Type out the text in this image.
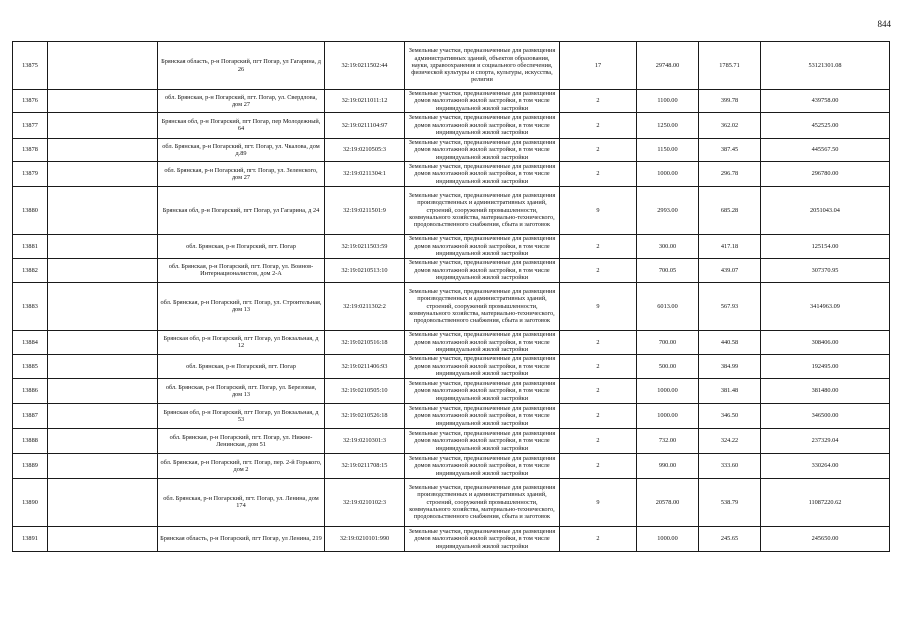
844
13875		Брянская область, р-н Погарский, пгт Погар, ул Гагарина, д 26	32:19:0211502:44	Земельные участки, предназначенные для размещения административных зданий, объектов образования, науки, здравоохранения и социального обеспечения, физической культуры и спорта, культуры, искусства, религии	17	29748.00	1785.71	53121301.08
13876		обл. Брянская, р-н Погарский, пгт. Погар, ул. Свердлова, дом 27	32:19:0211011:12	Земельные участки, предназначенные для размещения домов малоэтажной жилой застройки, в том числе индивидуальной жилой застройки	2	1100.00	399.78	439758.00
13877		Брянская обл, р-н Погарский, пгт Погар, пер Молодежный, 64	32:19:0211104:97	Земельные участки, предназначенные для размещения домов малоэтажной жилой застройки, в том числе индивидуальной жилой застройки	2	1250.00	362.02	452525.00
13878		обл. Брянская, р-н Погарский, пгт. Погар, ул. Чкалова, дом д.89	32:19:0210505:3	Земельные участки, предназначенные для размещения домов малоэтажной жилой застройки, в том числе индивидуальной жилой застройки	2	1150.00	387.45	445567.50
13879		обл. Брянская, р-н Погарский, пгт. Погар, ул. Зеленского, дом 27	32:19:0211304:1	Земельные участки, предназначенные для размещения домов малоэтажной жилой застройки, в том числе индивидуальной жилой застройки	2	1000.00	296.78	296780.00
13880		Брянская обл, р-н Погарский, пгт Погар, ул Гагарина, д 24	32:19:0211501:9	Земельные участки, предназначенные для размещения производственных и административных зданий, строений, сооружений промышленности, коммунального хозяйства, материально-технического, продовольственного снабжения, сбыта и заготовок	9	2993.00	685.28	2051043.04
13881		обл. Брянская, р-н Погарский, пгт. Погар	32:19:0211503:59	Земельные участки, предназначенные для размещения домов малоэтажной жилой застройки, в том числе индивидуальной жилой застройки	2	300.00	417.18	125154.00
13882		обл. Брянская, р-н Погарский, пгт. Погар, ул. Воинов-Интернационалистов, дом 2-А	32:19:0210513:10	Земельные участки, предназначенные для размещения домов малоэтажной жилой застройки, в том числе индивидуальной жилой застройки	2	700.05	439.07	307370.95
13883		обл. Брянская, р-н Погарский, пгт. Погар, ул. Строительная, дом 13	32:19:0211302:2	Земельные участки, предназначенные для размещения производственных и административных зданий, строений, сооружений промышленности, коммунального хозяйства, материально-технического, продовольственного снабжения, сбыта и заготовок	9	6013.00	567.93	3414963.09
13884		Брянская обл, р-н Погарский, пгт Погар, ул Вокзальная, д 12	32:19:0210516:18	Земельные участки, предназначенные для размещения домов малоэтажной жилой застройки, в том числе индивидуальной жилой застройки	2	700.00	440.58	308406.00
13885		обл. Брянская, р-н Погарский, пгт. Погар	32:19:0211406:93	Земельные участки, предназначенные для размещения домов малоэтажной жилой застройки, в том числе индивидуальной жилой застройки	2	500.00	384.99	192495.00
13886		обл. Брянская, р-н Погарский, пгт. Погар, ул. Березовая, дом 13	32:19:0210505:10	Земельные участки, предназначенные для размещения домов малоэтажной жилой застройки, в том числе индивидуальной жилой застройки	2	1000.00	381.48	381480.00
13887		Брянская обл, р-н Погарский, пгт Погар, ул Вокзальная, д 53	32:19:0210526:18	Земельные участки, предназначенные для размещения домов малоэтажной жилой застройки, в том числе индивидуальной жилой застройки	2	1000.00	346.50	346500.00
13888		обл. Брянская, р-н Погарский, пгт. Погар, ул. Нижне-Ленинская, дом 51	32:19:0210301:3	Земельные участки, предназначенные для размещения домов малоэтажной жилой застройки, в том числе индивидуальной жилой застройки	2	732.00	324.22	237329.04
13889		обл. Брянская, р-н Погарский, пгт. Погар, пер. 2-й Горького, дом 2	32:19:0211708:15	Земельные участки, предназначенные для размещения домов малоэтажной жилой застройки, в том числе индивидуальной жилой застройки	2	990.00	333.60	330264.00
13890		обл. Брянская, р-н Погарский, пгт. Погар, ул. Ленина, дом 174	32:19:0210102:3	Земельные участки, предназначенные для размещения производственных и административных зданий, строений, сооружений промышленности, коммунального хозяйства, материально-технического, продовольственного снабжения, сбыта и заготовок	9	20578.00	538.79	11087220.62
13891		Брянская область, р-н Погарский, пгт Погар, ул Ленина, 219	32:19:0210101:990	Земельные участки, предназначенные для размещения домов малоэтажной жилой застройки, в том числе индивидуальной жилой застройки	2	1000.00	245.65	245650.00
